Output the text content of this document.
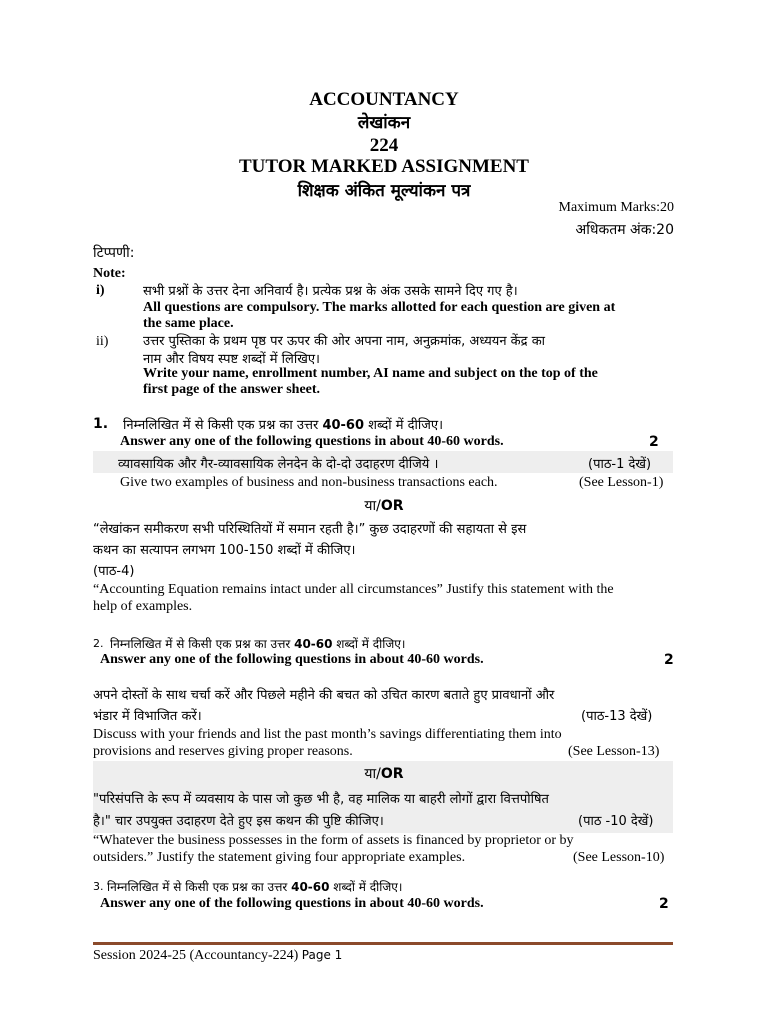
ACCOUNTANCY
लेखांकन
224
TUTOR MARKED ASSIGNMENT
शिक्षक अंकित मूल्यांकन पत्र
Maximum Marks:20
अधिकतम अंक:20
टिप्पणी:
Note:
i)	सभी प्रश्नों के उत्तर देना अनिवार्य है। प्रत्येक प्रश्न के अंक उसके सामने दिए गए है।
All questions are compulsory. The marks allotted for each question are given at
the same place.
ii)	उत्तर पुस्तिका के प्रथम पृष्ठ पर ऊपर की ओर अपना नाम, अनुक्रमांक, अध्ययन केंद्र का
नाम और विषय स्पष्ट शब्दों में लिखिए।
Write your name, enrollment number, AI name and subject on the top of the
first page of the answer sheet.
1. निम्नलिखित में से किसी एक प्रश्न का उत्तर 40-60 शब्दों में दीजिए।
Answer any one of the following questions in about 40-60 words.	2
व्यावसायिक और गैर-व्यावसायिक लेनदेन के दो-दो उदाहरण दीजिये ।	(पाठ-1 देखें)
Give two examples of business and non-business transactions each.	(See Lesson-1)
या/OR
“लेखांकन समीकरण सभी परिस्थितियों में समान रहती है।” कुछ उदाहरणों की सहायता से इस
कथन का सत्यापन लगभग 100-150 शब्दों में कीजिए।
(पाठ-4)
“Accounting Equation remains intact under all circumstances” Justify this statement with the
help of examples.
2. निम्नलिखित में से किसी एक प्रश्न का उत्तर 40-60 शब्दों में दीजिए।
Answer any one of the following questions in about 40-60 words.	2
अपने दोस्तों के साथ चर्चा करें और पिछले महीने की बचत को उचित कारण बताते हुए प्रावधानों और
भंडार में विभाजित करें।	(पाठ-13 देखें)
Discuss with your friends and list the past month’s savings differentiating them into
provisions and reserves giving proper reasons.	(See Lesson-13)
या/OR
"परिसंपत्ति के रूप में व्यवसाय के पास जो कुछ भी है, वह मालिक या बाहरी लोगों द्वारा वित्तपोषित
है।" चार उपयुक्त उदाहरण देते हुए इस कथन की पुष्टि कीजिए।	(पाठ -10 देखें)
“Whatever the business possesses in the form of assets is financed by proprietor or by
outsiders.” Justify the statement giving four appropriate examples.	(See Lesson-10)
3. निम्नलिखित में से किसी एक प्रश्न का उत्तर 40-60 शब्दों में दीजिए।
Answer any one of the following questions in about 40-60 words.	2
Session 2024-25 (Accountancy-224) Page 1
